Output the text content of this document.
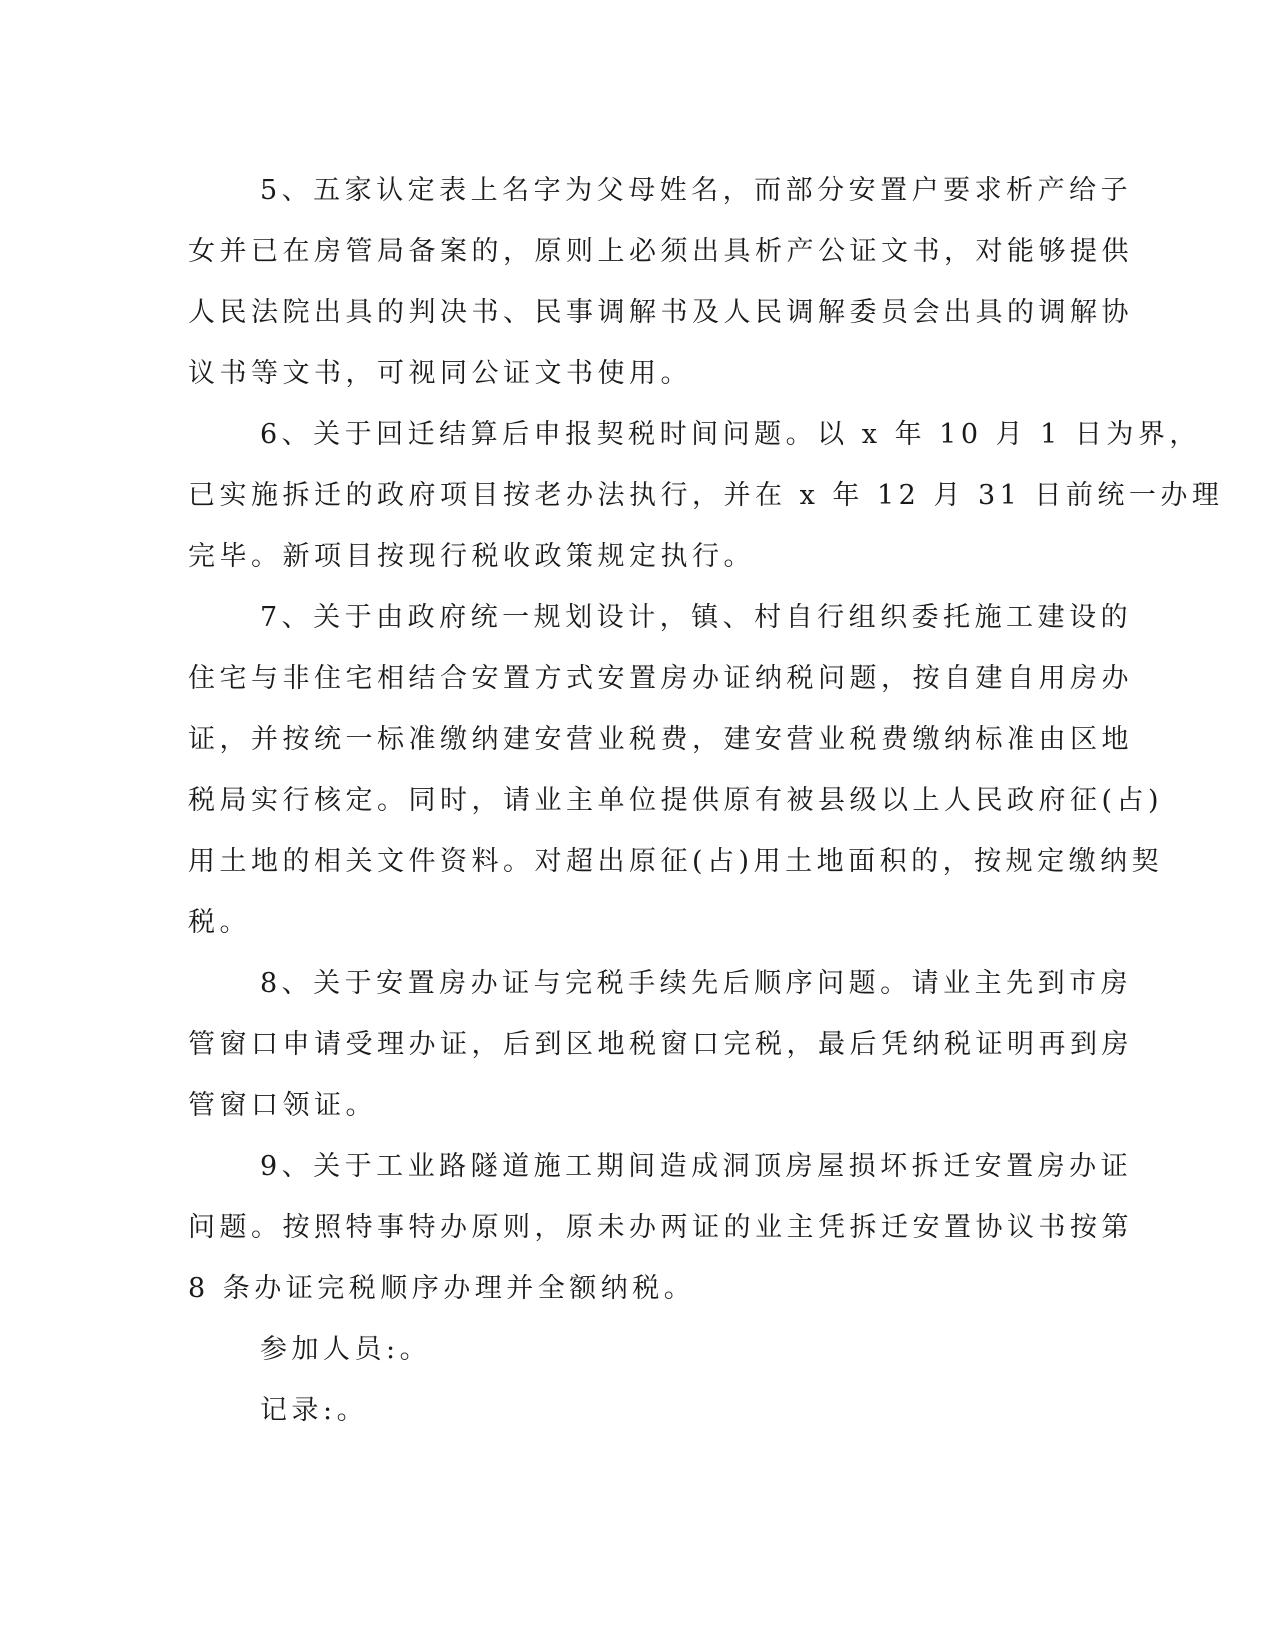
5、五家认定表上名字为父母姓名，而部分安置户要求析产给子
女并已在房管局备案的，原则上必须出具析产公证文书，对能够提供
人民法院出具的判决书、民事调解书及人民调解委员会出具的调解协
议书等文书，可视同公证文书使用。
6、关于回迁结算后申报契税时间问题。以 x 年 10 月 1 日为界，
已实施拆迁的政府项目按老办法执行，并在 x 年 12 月 31 日前统一办理
完毕。新项目按现行税收政策规定执行。
7、关于由政府统一规划设计，镇、村自行组织委托施工建设的
住宅与非住宅相结合安置方式安置房办证纳税问题，按自建自用房办
证，并按统一标准缴纳建安营业税费，建安营业税费缴纳标准由区地
税局实行核定。同时，请业主单位提供原有被县级以上人民政府征(占)
用土地的相关文件资料。对超出原征(占)用土地面积的，按规定缴纳契
税。
8、关于安置房办证与完税手续先后顺序问题。请业主先到市房
管窗口申请受理办证，后到区地税窗口完税，最后凭纳税证明再到房
管窗口领证。
9、关于工业路隧道施工期间造成洞顶房屋损坏拆迁安置房办证
问题。按照特事特办原则，原未办两证的业主凭拆迁安置协议书按第
8 条办证完税顺序办理并全额纳税。
参加人员:。
记录:。
